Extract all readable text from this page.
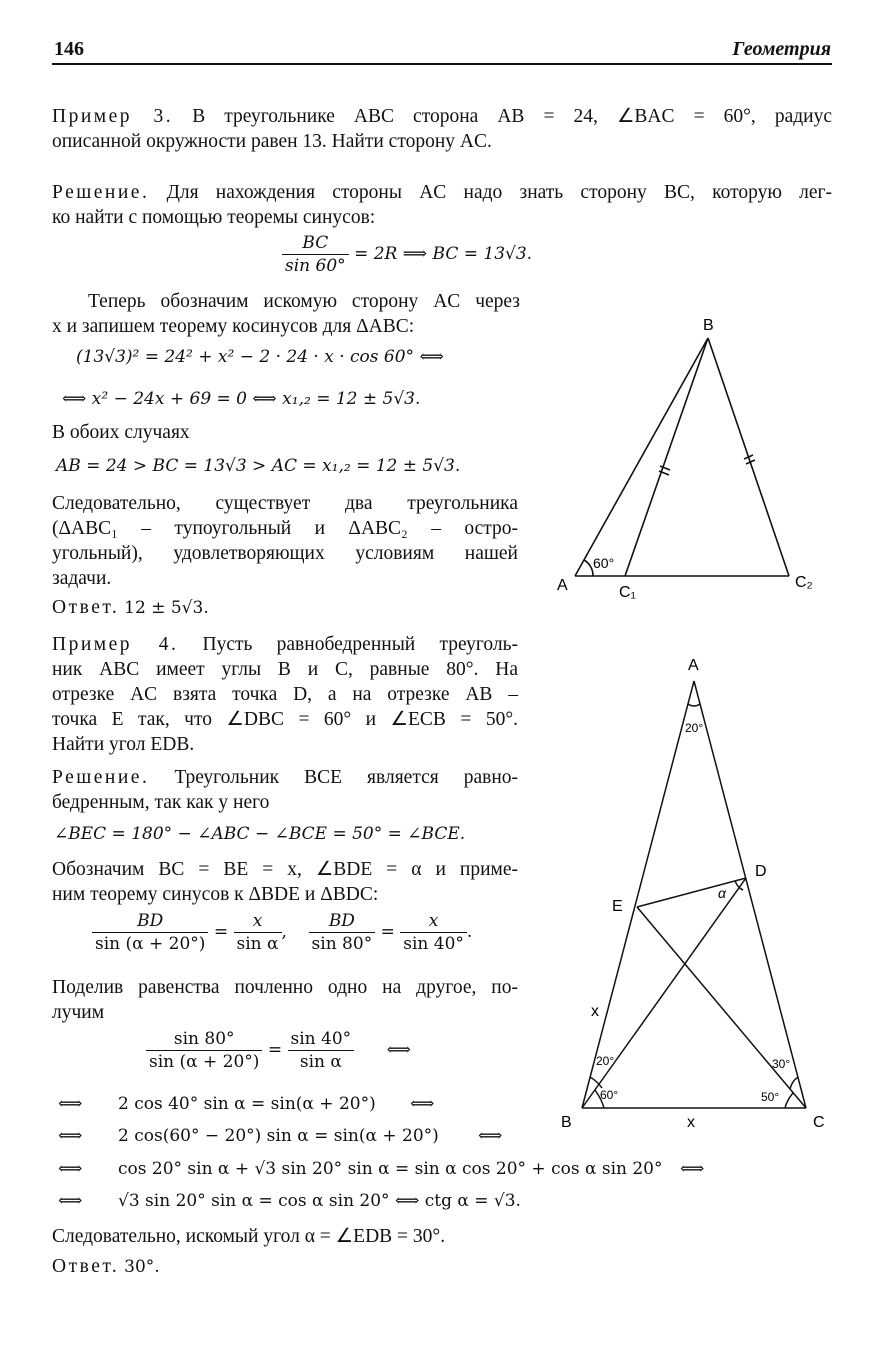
146	Геометрия
Пример 3. В треугольнике ABC сторона AB = 24, ∠BAC = 60°, радиус
описанной окружности равен 13. Найти сторону AC.
Решение. Для нахождения стороны AC надо знать сторону BC, которую лег-
ко найти с помощью теоремы синусов:
$\frac{BC}{\sin 60^\circ} = 2R$ ⟹ BC = 13√3.
Теперь обозначим искомую сторону AC через
x и запишем теорему косинусов для ΔABC:
(13√3)² = 24² + x² − 2 · 24 · x · cos 60° ⟺
⟺ x² − 24x + 69 = 0 ⟺ x₁,₂ = 12 ± 5√3.
В обоих случаях
AB = 24 > BC = 13√3 > AC = x₁,₂ = 12 ± 5√3.
Следовательно, существует два треугольника
(ΔABC₁ – тупоугольный и ΔABC₂ – остро-
угольный), удовлетворяющих условиям нашей
задачи.
Ответ. 12 ± 5√3.
B
A	C₁
C₂
60°
Пример 4. Пусть равнобедренный треуголь-
ник ABC имеет углы B и C, равные 80°. На
отрезке AC взята точка D, а на отрезке AB –
точка E так, что ∠DBC = 60° и ∠ECB = 50°.
Найти угол EDB.
Решение. Треугольник BCE является равно-
бедренным, так как у него
∠BEC = 180° − ∠ABC − ∠BCE = 50° = ∠BCE.
Обозначим BC = BE = x, ∠BDE = α и приме-
ним теорему синусов к ΔBDE и ΔBDC:
$\frac{BD}{\sin (\alpha + 20^\circ)} = \frac{x}{\text{sin α}}$ , $\frac{BD}{\sin 80^\circ} = \frac{x}{\sin 40^\circ}$ .
Поделив равенства почленно одно на другое, по-
лучим
$\frac{\sin 80^\circ}{\sin (\alpha + 20^\circ)} = \frac{\sin 40^\circ}{\text{sin α}}$ ⟺
⟺ 2 cos 40° sin α = sin(α + 20°) ⟺
⟺ 2 cos(60° − 20°) sin α = sin(α + 20°) ⟺
⟺ cos 20° sin α + √3 sin 20° sin α = sin α cos 20° + cos α sin 20° ⟺
⟺ √3 sin 20° sin α = cos α sin 20° ⟺ ctg α = √3.
Следовательно, искомый угол α = ∠EDB = 30°.
Ответ. 30°.
A
B	C
D
E
x
x
20°
α
20°
60°
30°
50°
